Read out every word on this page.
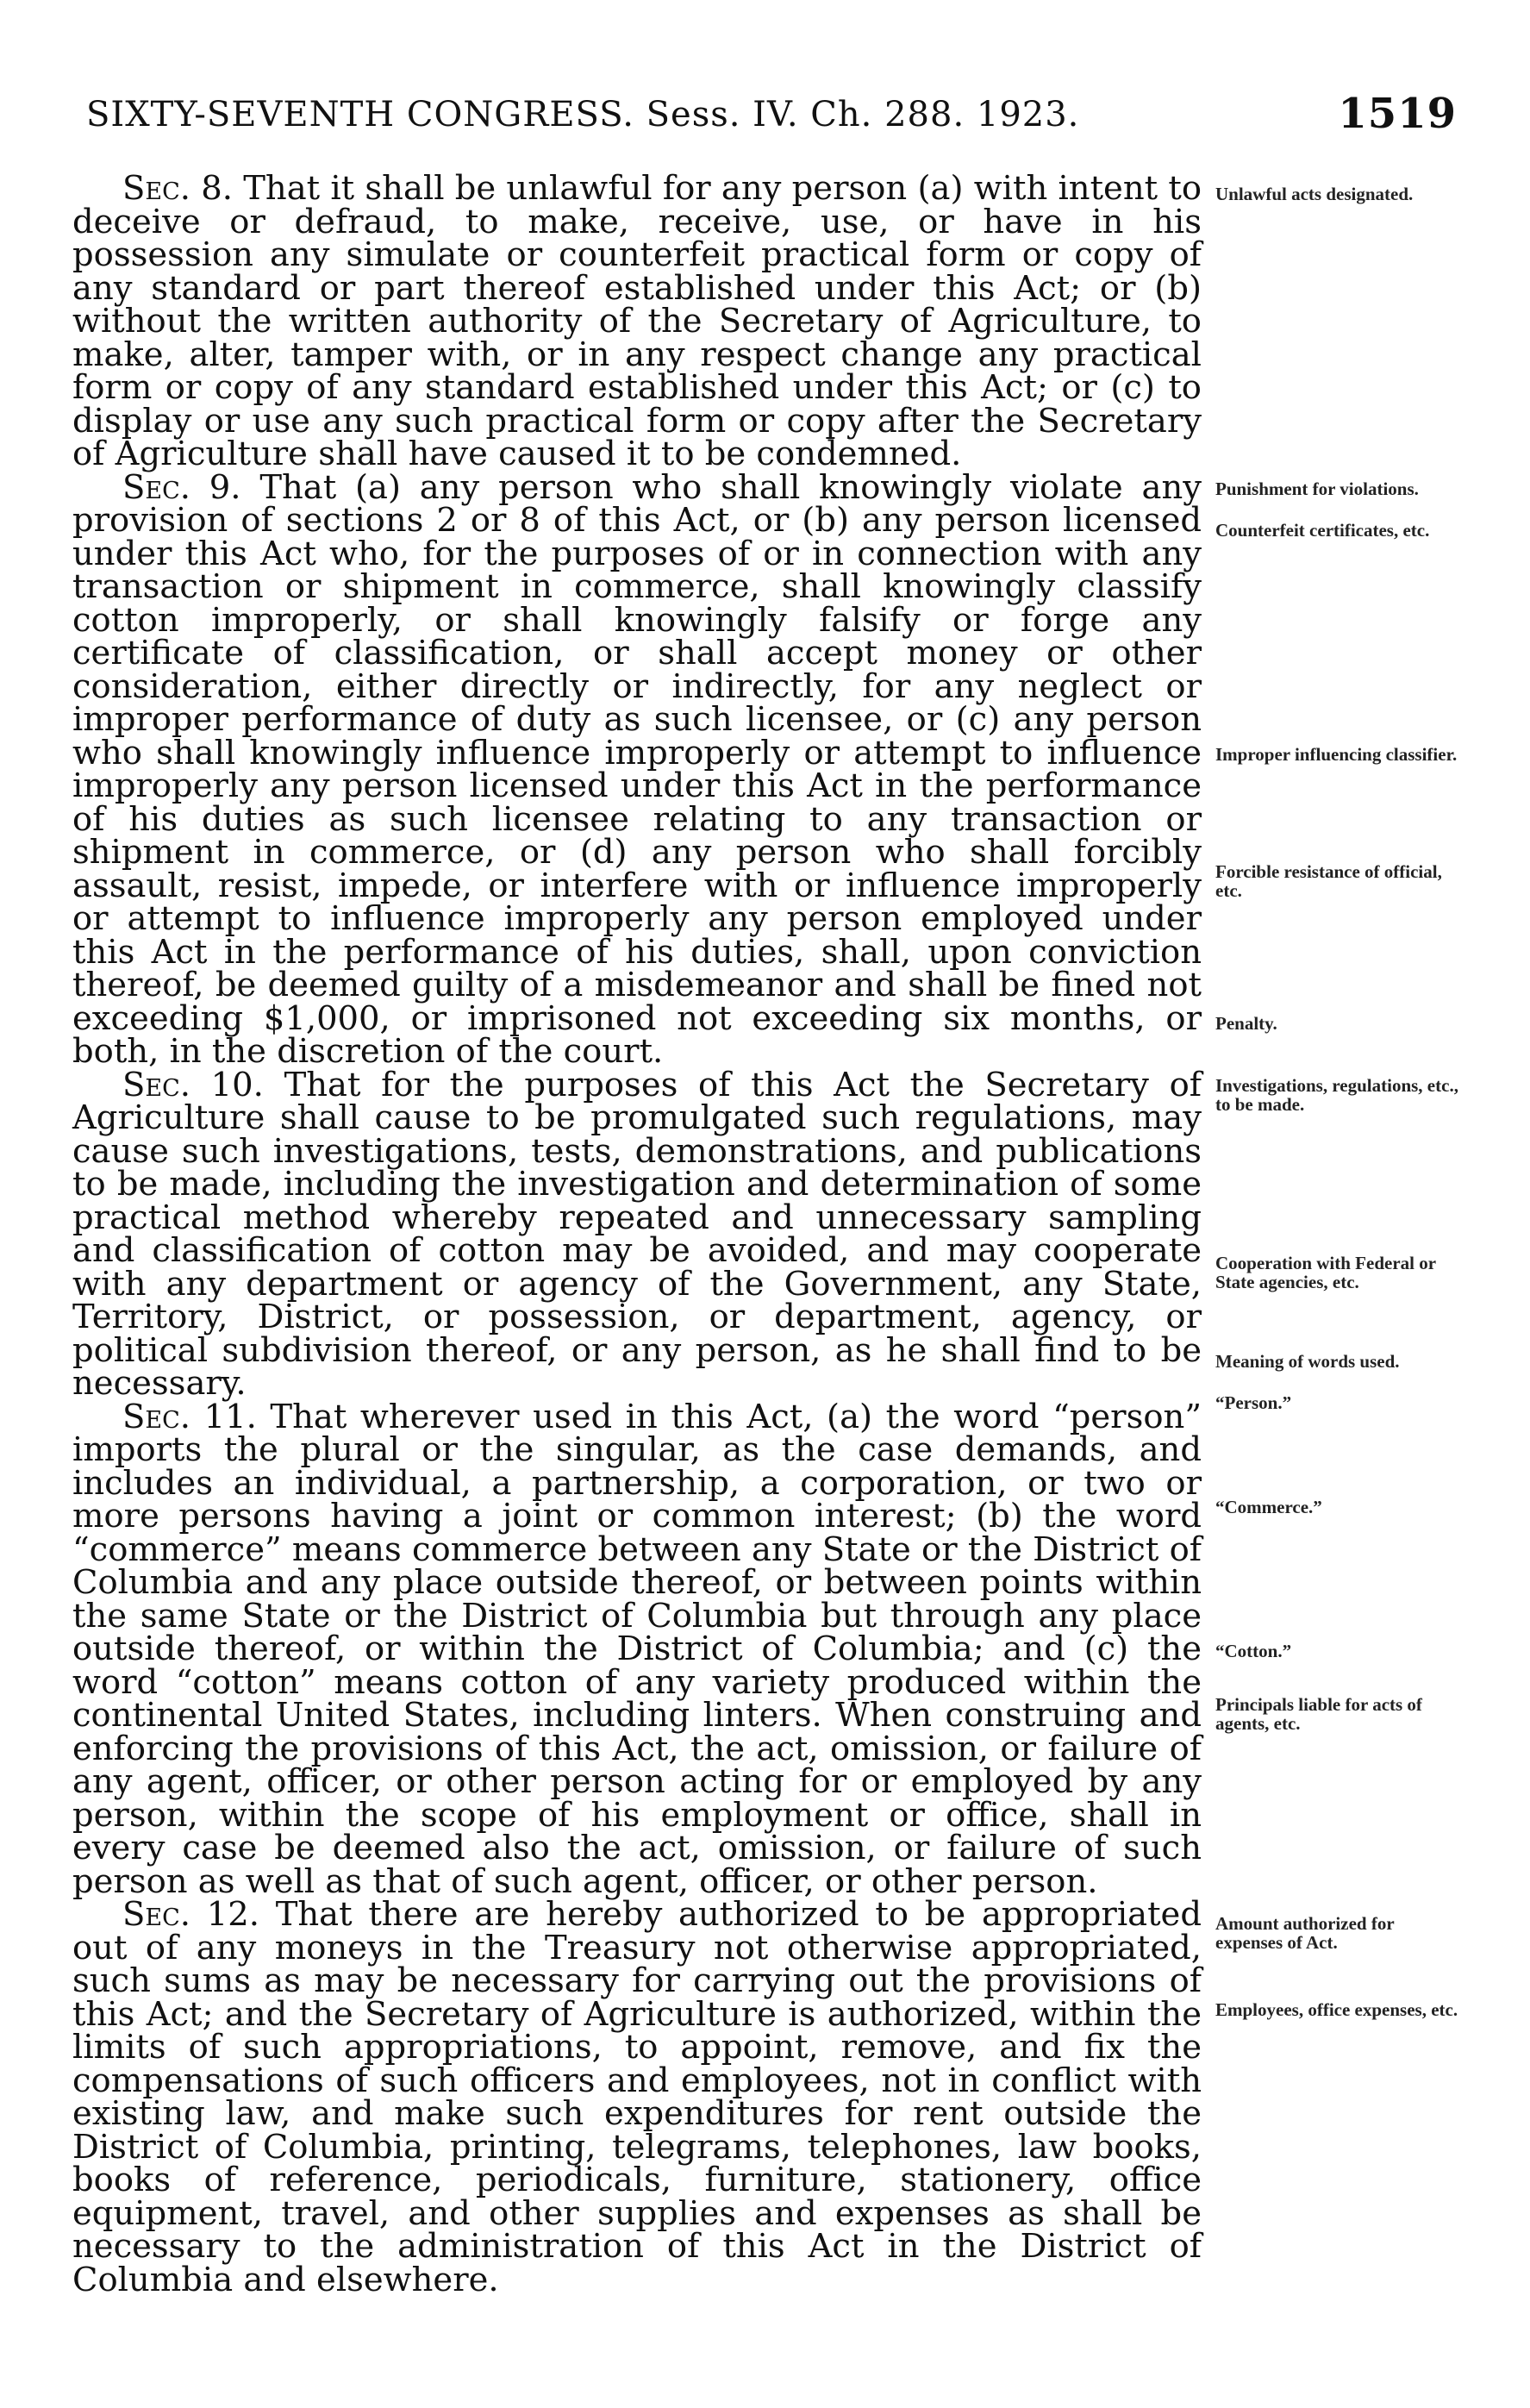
SIXTY-SEVENTH CONGRESS. Sess. IV. Ch. 288. 1923.	1519

Sec. 8. That it shall be unlawful for any person (a) with intent to deceive or defraud, to make, receive, use, or have in his possession any simulate or counterfeit practical form or copy of any standard or part thereof established under this Act; or (b) without the written authority of the Secretary of Agriculture, to make, alter, tamper with, or in any respect change any practical form or copy of any standard established under this Act; or (c) to display or use any such practical form or copy after the Secretary of Agriculture shall have caused it to be condemned.

Sec. 9. That (a) any person who shall knowingly violate any provision of sections 2 or 8 of this Act, or (b) any person licensed under this Act who, for the purposes of or in connection with any transaction or shipment in commerce, shall knowingly classify cotton improperly, or shall knowingly falsify or forge any certificate of classification, or shall accept money or other consideration, either directly or indirectly, for any neglect or improper performance of duty as such licensee, or (c) any person who shall knowingly influence improperly or attempt to influence improperly any person licensed under this Act in the performance of his duties as such licensee relating to any transaction or shipment in commerce, or (d) any person who shall forcibly assault, resist, impede, or interfere with or influence improperly or attempt to influence improperly any person employed under this Act in the performance of his duties, shall, upon conviction thereof, be deemed guilty of a misdemeanor and shall be fined not exceeding $1,000, or imprisoned not exceeding six months, or both, in the discretion of the court.

Sec. 10. That for the purposes of this Act the Secretary of Agriculture shall cause to be promulgated such regulations, may cause such investigations, tests, demonstrations, and publications to be made, including the investigation and determination of some practical method whereby repeated and unnecessary sampling and classification of cotton may be avoided, and may cooperate with any department or agency of the Government, any State, Territory, District, or possession, or department, agency, or political subdivision thereof, or any person, as he shall find to be necessary.

Sec. 11. That wherever used in this Act, (a) the word “person” imports the plural or the singular, as the case demands, and includes an individual, a partnership, a corporation, or two or more persons having a joint or common interest; (b) the word “commerce” means commerce between any State or the District of Columbia and any place outside thereof, or between points within the same State or the District of Columbia but through any place outside thereof, or within the District of Columbia; and (c) the word “cotton” means cotton of any variety produced within the continental United States, including linters. When construing and enforcing the provisions of this Act, the act, omission, or failure of any agent, officer, or other person acting for or employed by any person, within the scope of his employment or office, shall in every case be deemed also the act, omission, or failure of such person as well as that of such agent, officer, or other person.

Sec. 12. That there are hereby authorized to be appropriated out of any moneys in the Treasury not otherwise appropriated, such sums as may be necessary for carrying out the provisions of this Act; and the Secretary of Agriculture is authorized, within the limits of such appropriations, to appoint, remove, and fix the compensations of such officers and employees, not in conflict with existing law, and make such expenditures for rent outside the District of Columbia, printing, telegrams, telephones, law books, books of reference, periodicals, furniture, stationery, office equipment, travel, and other supplies and expenses as shall be necessary to the administration of this Act in the District of Columbia and elsewhere.

Unlawful acts designated.
Punishment for violations.
Counterfeit certificates, etc.
Improper influencing classifier.
Forcible resistance of official, etc.
Penalty.
Investigations, regulations, etc., to be made.
Cooperation with Federal or State agencies, etc.
Meaning of words used.
“Person.”
“Commerce.”
“Cotton.”
Principals liable for acts of agents, etc.
Amount authorized for expenses of Act.
Employees, office expenses, etc.
